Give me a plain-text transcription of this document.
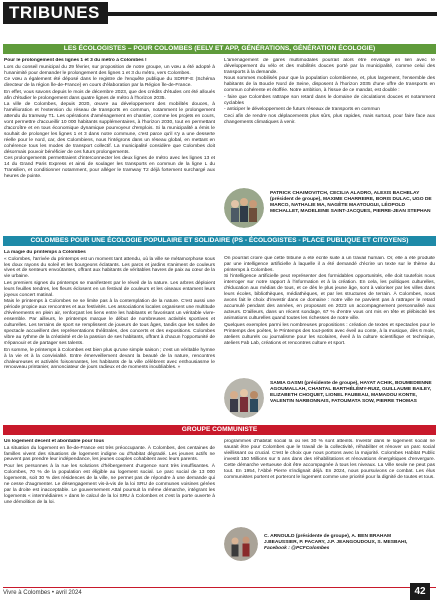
TRIBUNES
LES ÉCOLOGISTES – POUR COLOMBES (EELV ET APP, GÉNÉRATIONS, GÉNÉRATION ÉCOLOGIE)

Pour le prolongement des lignes 1 et 3 du métro à Colombes !

Lors du conseil municipal du 29 février, sur proposition de notre groupe, un vœu a été adopté à l'unanimité pour demander le prolongement des lignes 1 et 3 du métro, vers Colombes.

Ce vœu a également été déposé dans le registre de l'enquête publique du SDRIF-E (Schéma directeur de la région Île-de-France) en cours d'élaboration par la Région Île-de-France.

En effet, vous savons depuis le mois de décembre 2023, que des crédits d'études ont été alloués afin d'étudier le prolongement dans quatre lignes de métro à l'horizon 2035.

La ville de Colombes, depuis 2020, œuvre au développement des mobilités douces, à l'amélioration et l'extension du réseau de transports en commun, notamment le prolongement attendu du tramway T1. Les opérations d'aménagement en chantier, comme les projets en cours, vont permettre d'accueillir 10 000 habitants supplémentaires, à l'horizon 2030, tout en permettant d'accroître et en tous économique dynamique pourvoyeur d'emplois. Si la municipalité a émis le souhait de prolonger les lignes 1 et 3 dans notre commune, c'est parce qu'il s'y a une desserte réelle pour le nord, car, des Colombiens, nous l'intégrons dans un réseau global, en mettant en cohérence tous les modes de transport collectif. La municipalité considère que Colombes doit désormais pouvoir bénéficier de ces futurs prolongements.

Ces prolongements permettraient d'interconnecter les deux lignes de métro avec les lignes 13 et 14 du Grand Paris Express et ainsi de soulager les transports en commun de la ligne L du Transilien, et conditionner notamment, pour alléger le tramway T2 déjà fortement surchargé aux heures de pointe.

L'aménagement de gares multimodales pourrait alors être envisagé en lien avec le développement du vélo et des mobilités douces porté par la municipalité, comme celui des transports à la demande.

Nous sommes mobilisés pour que la population colombienne, et, plus largement, l'ensemble des habitants de la Boucle Nord de Seine, disposent à l'horizon 2035 d'une offre de transports en commun cohérente et étoffée. Notre ambition, à l'issue de ce mandat, est double :

- faire que Colombes rattrape son retard dans le domaine de circulations douces et notamment cyclables

- anticiper le développement de futurs réseaux de transports en commun

Ceci afin de rendre nos déplacements plus sûrs, plus rapides, mais surtout, pour faire face aux changements climatiques à venir.

PATRICK CHAIMOVITCH, CECILIA ALADRO, ALEXIS BACHELAY (président de groupe), MAXIME CHARREIRE, BORIS DULAC, UGO DE MARCO, NATHALIE MA, NAGÈTE MAATOUGUI, LÉOPOLD MICHALLET, MADELEINE SAINT-JACQUES, PIERRE-JEAN STEPHAN
COLOMBES POUR UNE ÉCOLOGIE POPULAIRE ET SOLIDAIRE (PS - ÉCOLOGISTES - PLACE PUBLIQUE ET CITOYENS)

La magie du printemps à Colombes

« Colombes, l'arrivée du printemps est un moment tant attendu, où la ville se métamorphose sous les doux rayons du soleil et les bourgeons éclatants. Les parcs et jardins s'animent de couleurs vives et de senteurs envoûtantes, offrant aux habitants de véritables havres de paix au cœur de la vie urbaine.

Les premiers signes du printemps se manifestent par le réveil de la nature. Les arbres déploient leurs feuilles tendres, les fleurs éclosent en un festival de couleurs et les oiseaux entament leurs joyeux concert matinal.

Mais le printemps à Colombes ne se limite pas à la contemplation de la nature. C'est aussi une période propice aux rencontres et aux festivités. Les associations locales organisent une multitude d'événements en plein air, renforçant les liens entre les habitants et favorisant un véritable vivre-ensemble. Par ailleurs, le printemps marque le début de nombreuses activités sportives et culturelles. Les terrains de sport se remplissent de joueurs de tous âges, tandis que les salles de spectacle accueillent des représentations théâtrales, des concerts et des expositions. Colombes vibre au rythme de la créativité et de la passion de ses habitants, offrant à chacun l'opportunité de s'épanouir et de partager ses talents.

En somme, le printemps à Colombes est bien plus qu'une simple saison ; c'est un véritable hymne à la vie et à la convivialité. Entre émerveillement devant la beauté de la nature, rencontres chaleureuses et activités foisonnantes, les habitants de la ville célèbrent avec enthousiasme le renouveau printanier, annonciateur de jours radieux et de moments inoubliables. »

On pourrait croire que cette tribune a été écrite suite à un travail humain. Or, elle a été produite par une intelligence artificielle à laquelle il a été demandé d'écrire un texte sur le thème du printemps à Colombes.

Si l'intelligence artificielle peut représenter des formidables opportunités, elle doit toutefois nous interroger sur notre rapport à l'information et à la création. En cela, les politiques culturelles, d'éducation aux médias de tous, et ce dès le plus jeune âge, sont à valoriser par les villes dans leurs écoles, bibliothèques, médiathèques, et par les structures de terrain. À Colombes, nous avons fait le choix d'investir dans ce domaine : notre ville ne parvient pas à rattraper le retard accumulé pendant des années, en proposant en 2023 un accompagnement personnalisé aux acteurs. D'ailleurs, dans un récent sondage, 67 % d'entre vous ont mis en tête et plébiscité les animations culturelles quand toutes les richesses de notre ville.

Quelques exemples parmi les nombreuses propositions : création de textes et spectacles pour le Printemps des poètes, le Printemps des tout-petits avec éveil au conte, à la musique, dès 6 mois, ateliers culturels ou journalisme pour les scolaires, éveil à la culture scientifique et technique, ateliers Fab Lab, créations et rencontres culture et sport.

SAMIA GASMI (présidente de groupe), HAYAT ACHIK, BOUMEDIENNE AGOUMALLAH, CHANTAL BARTHÉLÉMY-RUIZ, GUILLAUME BAILEY, ELIZABETH CHOQUET, LIONEL FAUBEAU, MAMADOU KONTE, VALENTIN NARBONNAIS, FATOUMATA SOW, PIERRE THOMAS
GROUPE COMMUNISTE

Un logement décent et abordable pour tous

La situation du logement en Île-de-France est très préoccupante. À Colombes, des centaines de familles vivent des situations de logement indigne ou d'habitat dégradé. Les jeunes actifs ne peuvent pas prendre leur indépendance, les jeunes couples cohabitent avec leurs parents.

Pour les personnes à la rue les solutions d'hébergement d'urgence sont très insuffisantes. À Colombes, 70 % de la population est éligible au logement social. Le parc social de 13 000 logements, soit 30 % des résidences de la ville, ne permet pas de répondre à une demande qui ne cesse d'augmenter. Le désengagement vis-à-vis de la loi SRU de communes voisines gérées par la droite est inacceptable. Le gouvernement Attal poursuit la même démarche, intégrant les logements « intermédiaires » dans le calcul de la loi SRU à Colombes et c'est la porte ouverte à une démolition de la loi.

programmes d'habitat social là où les 30 % sont atteints. Investir dans le logement social ne saurait être pour Colombes que le travail de la collectivité, réhabiliter et rénover un parc social vieillissant ou crucial. C'est le choix que nous portons avec la majorité. Colombes Habitat Public investit 150 Millions sur 5 ans dans des réhabilitations et rénovations énergétiques d'envergure. Cette démarche vertueuse doit être accompagnée à tous les niveaux. La Ville seule ne peut pas tout. En 1954, l'Abbé Pierre s'indignait déjà. En 2024, nous poursuivons ce combat. Les élus communistes portent et porteront le logement comme une priorité pour la dignité de toutes et tous.

C. ARNOULD (présidente de groupe), A. BEN BRAHAM
J.BEAUSSIER, P. PACARY, J.P. JEANGOUDOUX, S. MESBAHI,
Facebook : @PCFColombes
Vivre à Colombes • avril 2024	42
